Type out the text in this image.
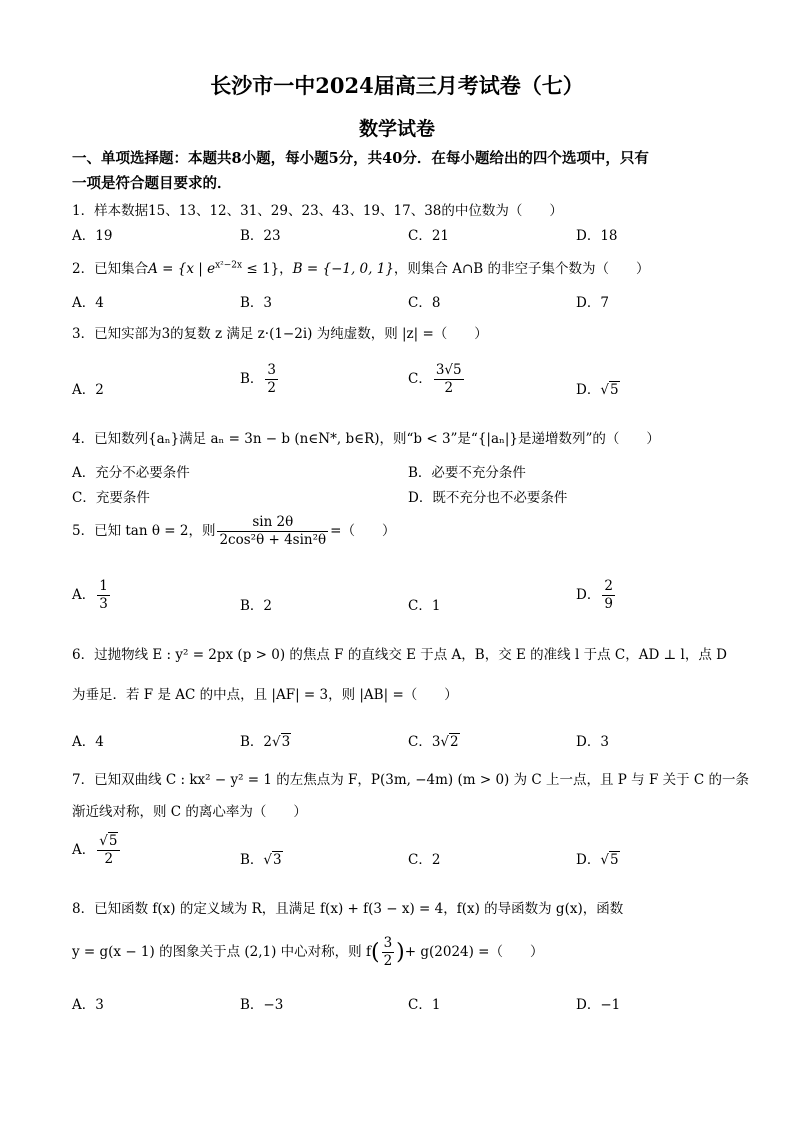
长沙市一中2024届高三月考试卷（七）
数学试卷
一、单项选择题：本题共8小题，每小题5分，共40分．在每小题给出的四个选项中，只有
一项是符合题目要求的．
1．样本数据15、13、12、31、29、23、43、19、17、38的中位数为（　　）
A．19	B．23	C．21	D．18
2．已知集合A = {x | $e^{x^2-2x} \le 1$}，B = {−1, 0, 1}，则集合 A∩B 的非空子集个数为（　　）
A．4	B．3	C．8	D．7
3．已知实部为3的复数 z 满足 z·(1−2i) 为纯虚数，则 |z| =（　　）
A．2
B． $\frac{3}{2}$	C． $\frac{3√5}{2}$	D．√5
4．已知数列{aₙ}满足 aₙ = 3n − b (n∈N*, b∈R)，则“b < 3”是“{|aₙ|}是递增数列”的（　　）
A．充分不必要条件	B．必要不充分条件
C．充要条件	D．既不充分也不必要条件
5．已知 tan θ = 2，则 $\frac{\sin 2\theta}{\text{2cos²θ + 4sin²θ}}$ =（　　）
A． $\frac{1}{3}$	B．2	C．1
D． $\frac{2}{9}$
6．过抛物线 E : y² = 2px (p > 0) 的焦点 F 的直线交 E 于点 A，B，交 E 的准线 l 于点 C，AD ⊥ l，点 D
为垂足．若 F 是 AC 的中点，且 |AF| = 3，则 |AB| =（　　）
A．4	B．2√3	C．3√2	D．3
7．已知双曲线 C : kx² − y² = 1 的左焦点为 F，P(3m, −4m) (m > 0) 为 C 上一点，且 P 与 F 关于 C 的一条
渐近线对称，则 C 的离心率为（　　）
A． $\frac{√5}{2}$	B．√3	C．2	D．√5
8．已知函数 f(x) 的定义域为 R，且满足 f(x) + f(3 − x) = 4，f(x) 的导函数为 g(x)，函数
y = g(x − 1) 的图象关于点 (2,1) 中心对称，则 $f( \frac{3}{2}$ )+ g(2024) =（　　）
A．3	B．−3	C．1	D．−1
